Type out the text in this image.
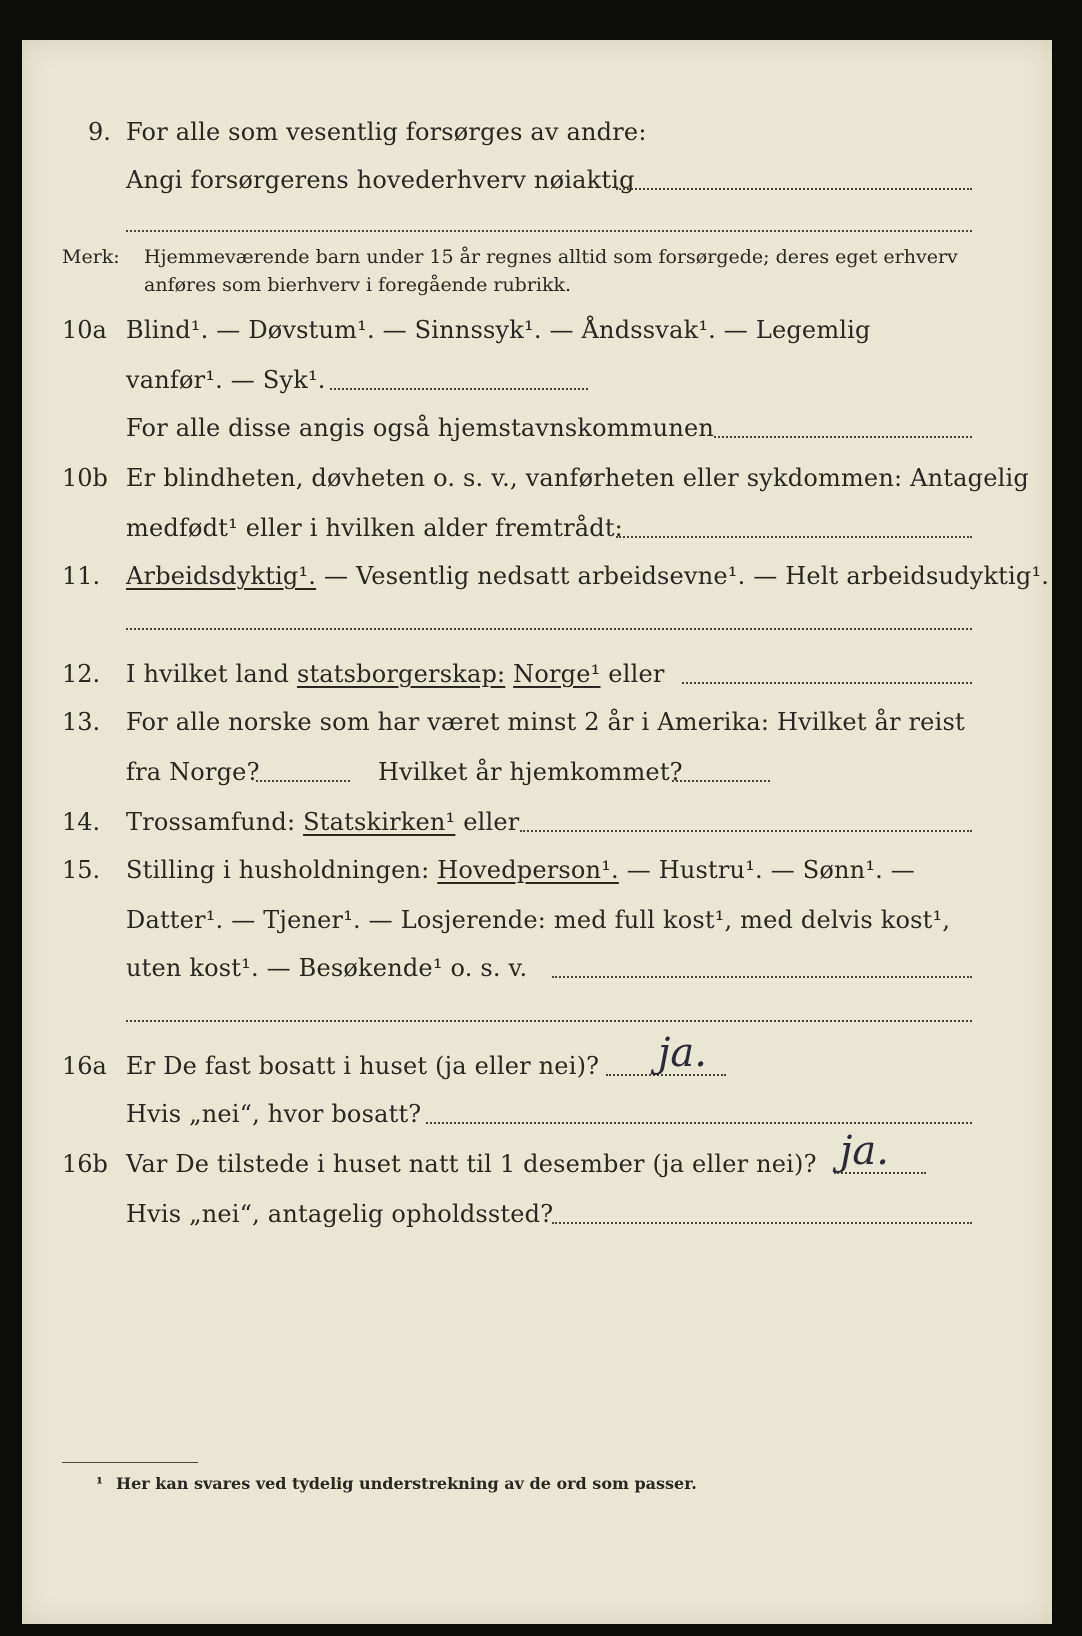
9. For alle som vesentlig forsørges av andre:
Angi forsørgerens hovederhverv nøiaktig
Merk: Hjemmeværende barn under 15 år regnes alltid som forsørgede; deres eget erhverv
anføres som bierhverv i foregående rubrikk.
10a Blind¹. — Døvstum¹. — Sinnssyk¹. — Åndssvak¹. — Legemlig
vanfør¹. — Syk¹.
For alle disse angis også hjemstavnskommunen
10b Er blindheten, døvheten o. s. v., vanførheten eller sykdommen: Antagelig
medfødt¹ eller i hvilken alder fremtrådt:
11. Arbeidsdyktig¹. — Vesentlig nedsatt arbeidsevne¹. — Helt arbeidsudyktig¹.
12. I hvilket land statsborgerskap: Norge¹ eller
13. For alle norske som har været minst 2 år i Amerika: Hvilket år reist
fra Norge?	Hvilket år hjemkommet?
14. Trossamfund: Statskirken¹ eller
15. Stilling i husholdningen: Hovedperson¹. — Hustru¹. — Sønn¹. —
Datter¹. — Tjener¹. — Losjerende: med full kost¹, med delvis kost¹,
uten kost¹. — Besøkende¹ o. s. v.
16a Er De fast bosatt i huset (ja eller nei)? ja.
Hvis „nei“, hvor bosatt?
16b Var De tilstede i huset natt til 1 desember (ja eller nei)? ja.
Hvis „nei“, antagelig opholdssted?
¹ Her kan svares ved tydelig understrekning av de ord som passer.
